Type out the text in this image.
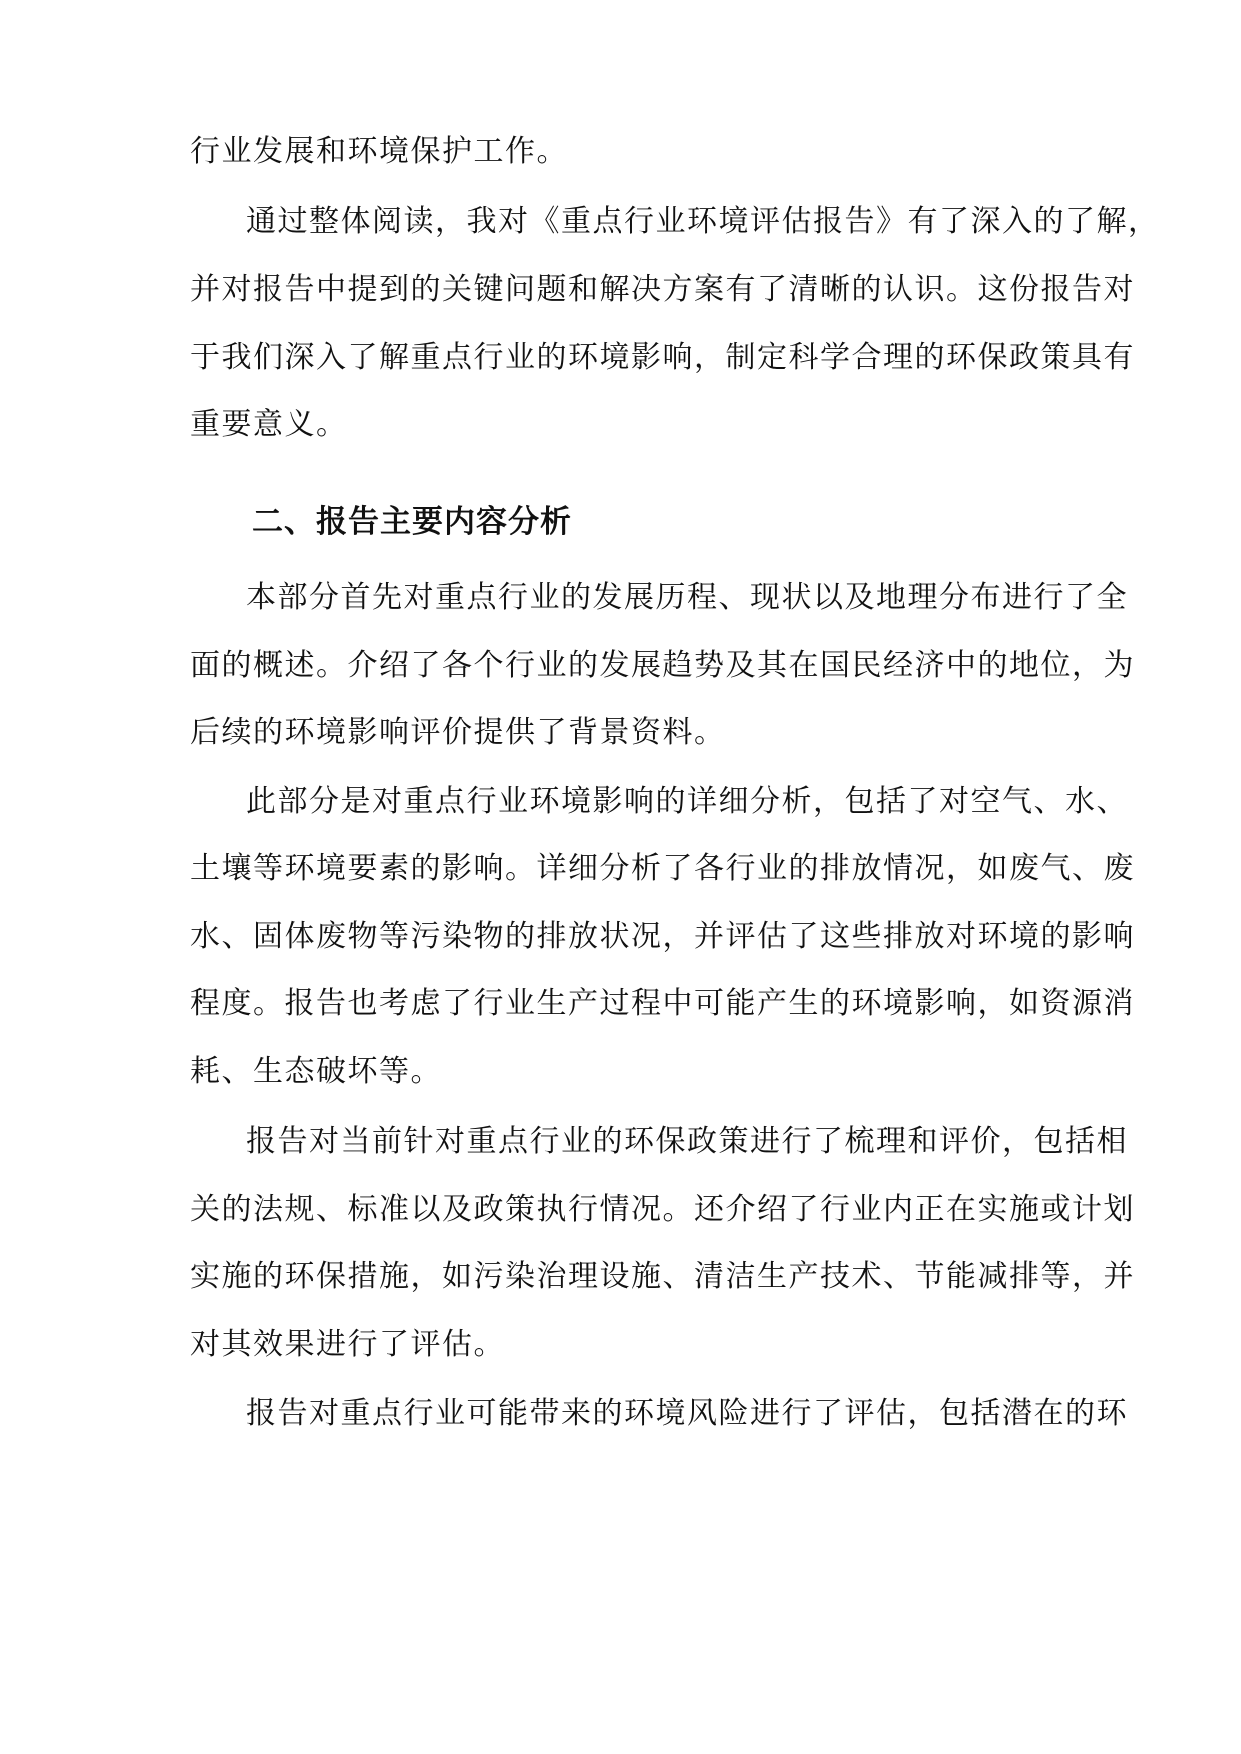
行业发展和环境保护工作。
通过整体阅读，我对《重点行业环境评估报告》有了深入的了解，
并对报告中提到的关键问题和解决方案有了清晰的认识。这份报告对
于我们深入了解重点行业的环境影响，制定科学合理的环保政策具有
重要意义。
二、报告主要内容分析
本部分首先对重点行业的发展历程、现状以及地理分布进行了全
面的概述。介绍了各个行业的发展趋势及其在国民经济中的地位，为
后续的环境影响评价提供了背景资料。
此部分是对重点行业环境影响的详细分析，包括了对空气、水、
土壤等环境要素的影响。详细分析了各行业的排放情况，如废气、废
水、固体废物等污染物的排放状况，并评估了这些排放对环境的影响
程度。报告也考虑了行业生产过程中可能产生的环境影响，如资源消
耗、生态破坏等。
报告对当前针对重点行业的环保政策进行了梳理和评价，包括相
关的法规、标准以及政策执行情况。还介绍了行业内正在实施或计划
实施的环保措施，如污染治理设施、清洁生产技术、节能减排等，并
对其效果进行了评估。
报告对重点行业可能带来的环境风险进行了评估，包括潜在的环
